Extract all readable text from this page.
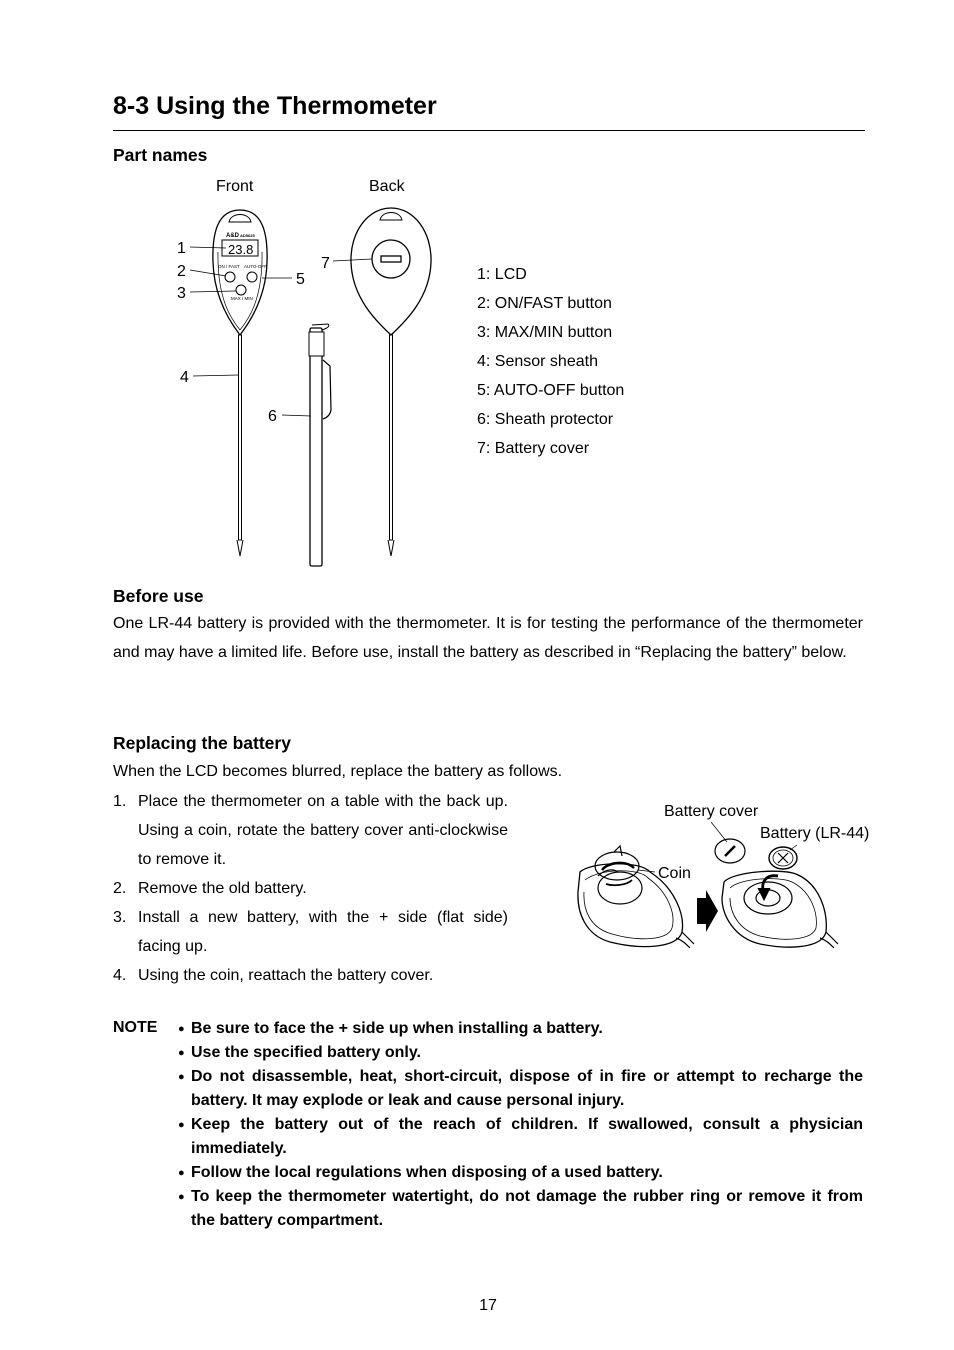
8-3 Using the Thermometer
Part names
Front	Back
A&D AD5625
23.8
ON / FAST AUTO-OFF
MAX / MIN
1
2
3
4
5
6
7
1: LCD
2: ON/FAST button
3: MAX/MIN button
4: Sensor sheath
5: AUTO-OFF button
6: Sheath protector
7: Battery cover
Before use

One LR-44 battery is provided with the thermometer. It is for testing the performance of the thermometer and may have a limited life. Before use, install the battery as described in “Replacing the battery” below.

Replacing the battery

When the LCD becomes blurred, replace the battery as follows.

1. Place the thermometer on a table with the back up. Using a coin, rotate the battery cover anti-clockwise to remove it.
2. Remove the old battery.
3. Install a new battery, with the + side (flat side) facing up.
4. Using the coin, reattach the battery cover.
Battery cover
Battery (LR-44)
Coin
NOTE ● Be sure to face the + side up when installing a battery.
● Use the specified battery only.
● Do not disassemble, heat, short-circuit, dispose of in fire or attempt to recharge the battery. It may explode or leak and cause personal injury.
● Keep the battery out of the reach of children. If swallowed, consult a physician immediately.
● Follow the local regulations when disposing of a used battery.
● To keep the thermometer watertight, do not damage the rubber ring or remove it from the battery compartment.
17
